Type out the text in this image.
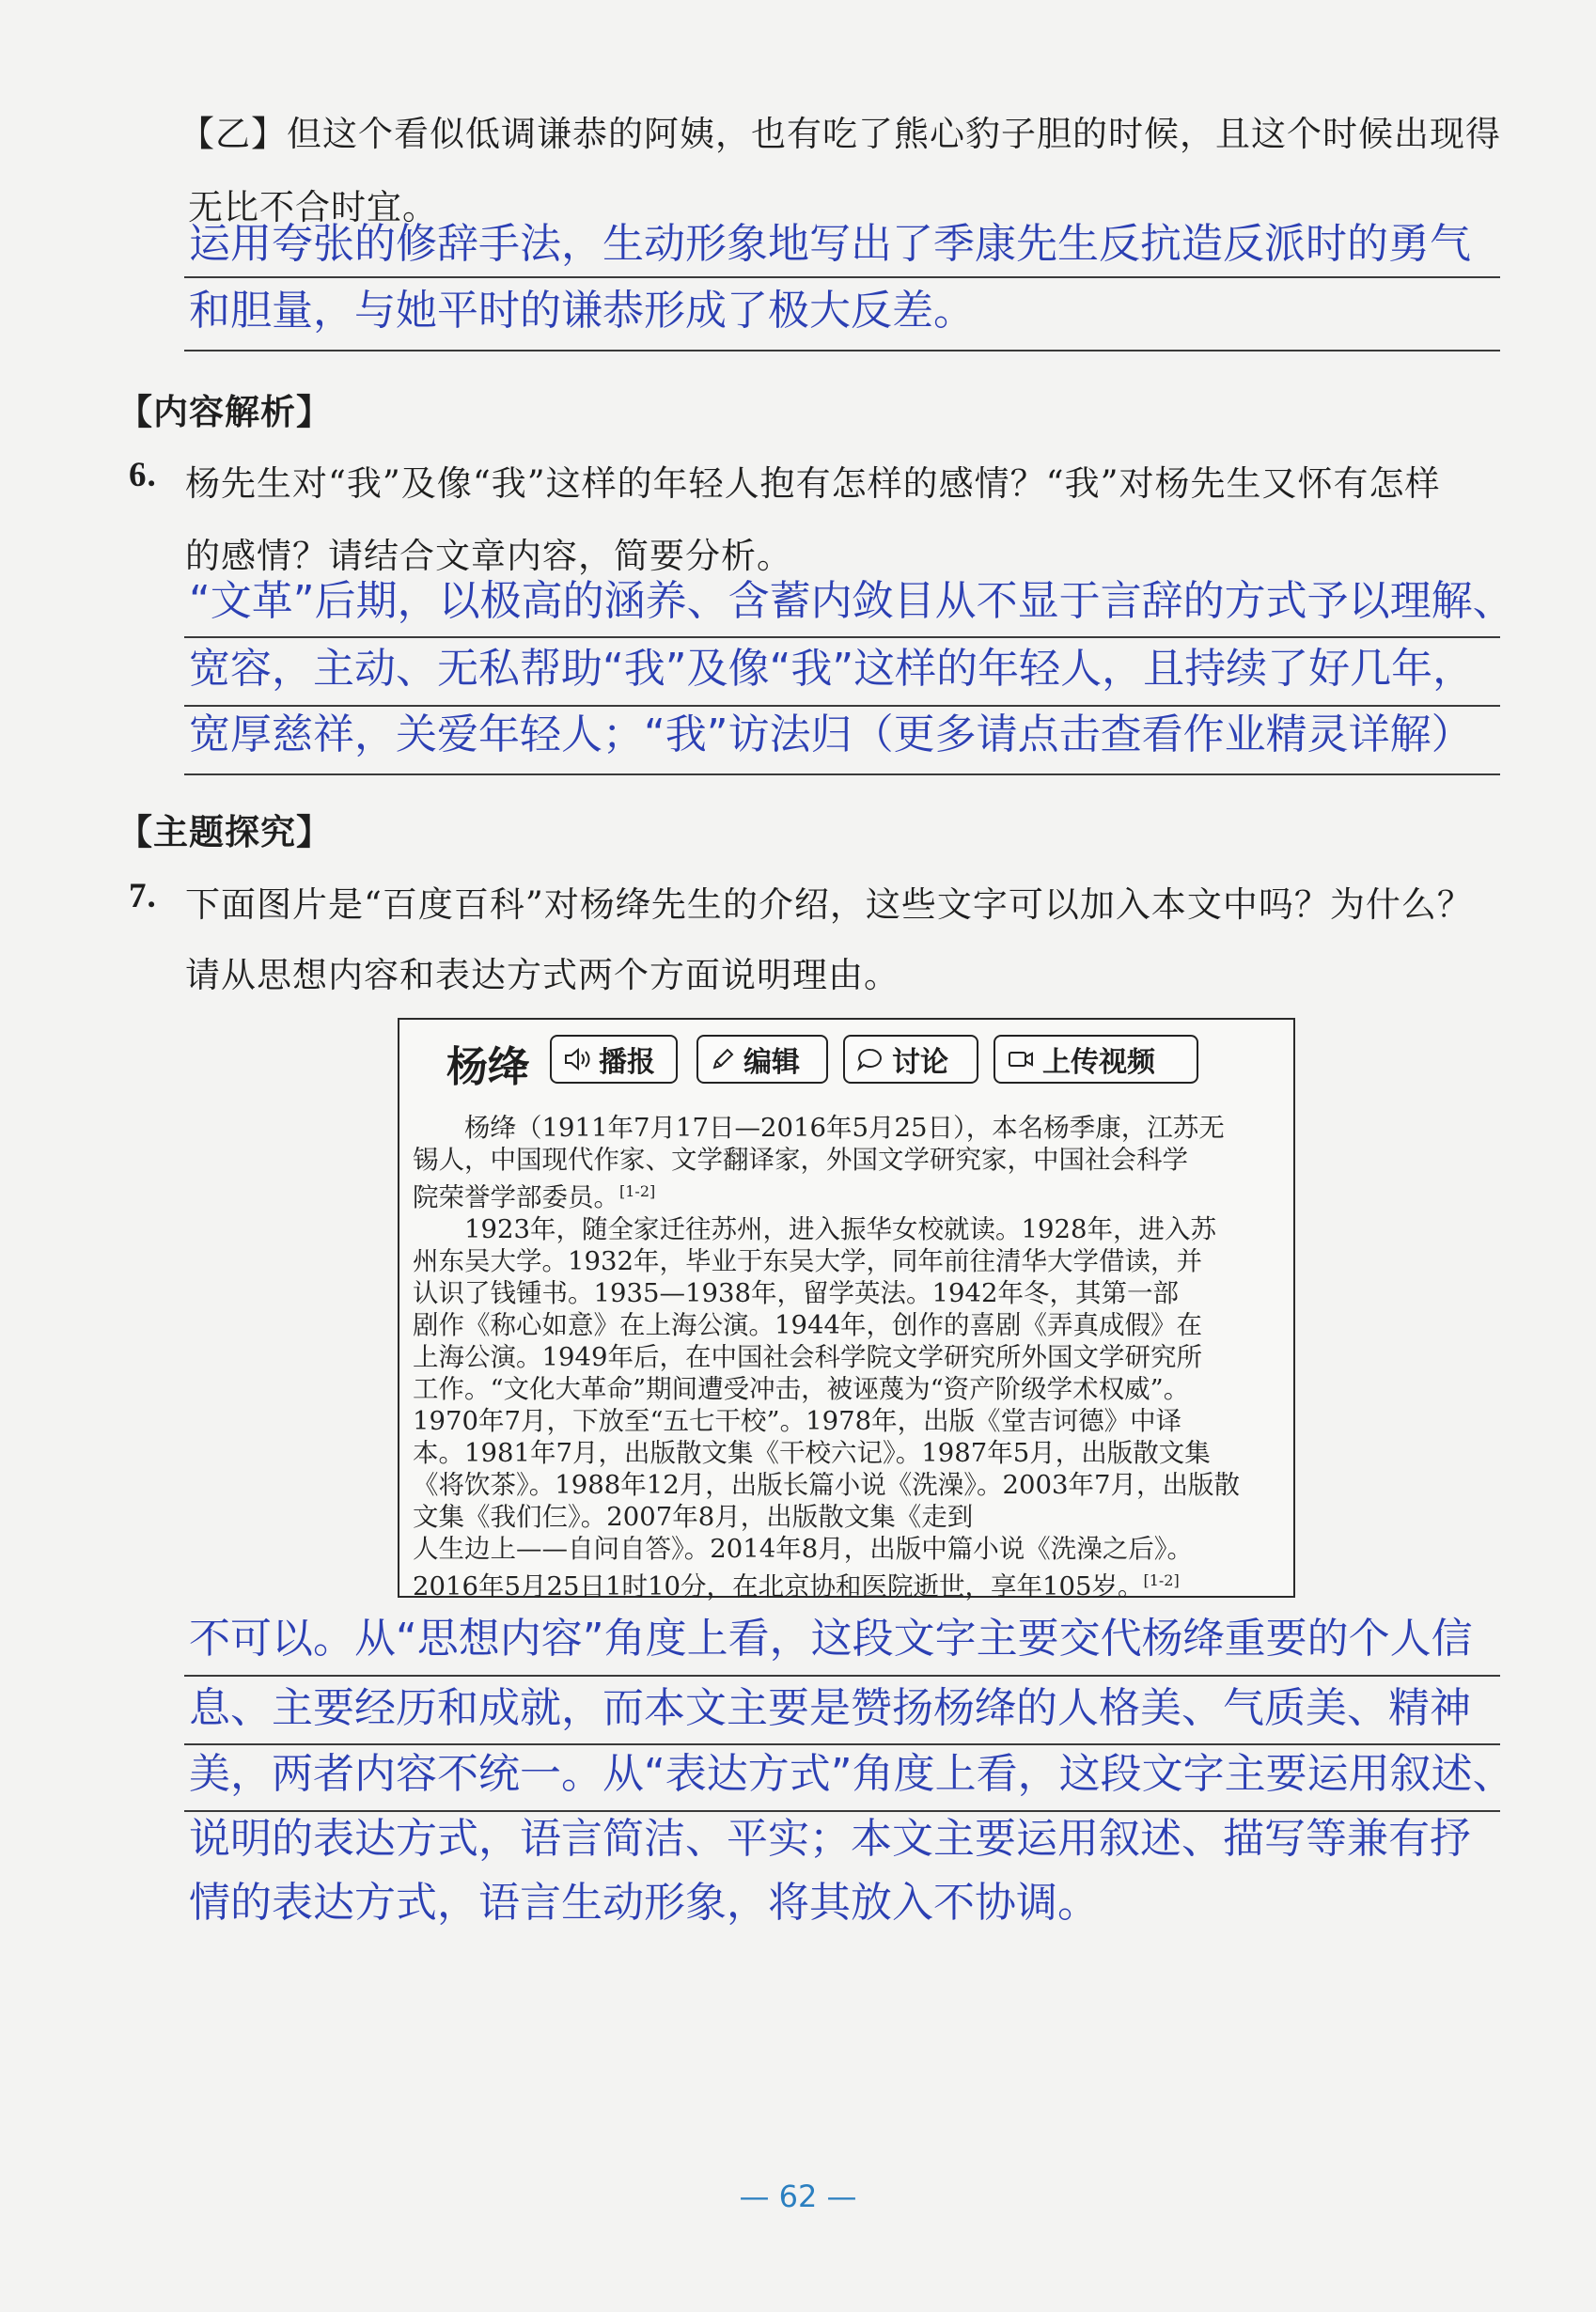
【乙】但这个看似低调谦恭的阿姨，也有吃了熊心豹子胆的时候，且这个时候出现得
无比不合时宜。
运用夸张的修辞手法，生动形象地写出了季康先生反抗造反派时的勇气
和胆量，与她平时的谦恭形成了极大反差。
【内容解析】
6. 杨先生对“我”及像“我”这样的年轻人抱有怎样的感情？“我”对杨先生又怀有怎样
的感情？请结合文章内容，简要分析。
“文革”后期，以极高的涵养、含蓄内敛目从不显于言辞的方式予以理解、
宽容，主动、无私帮助“我”及像“我”这样的年轻人，且持续了好几年，
宽厚慈祥，关爱年轻人；“我”访法归（更多请点击查看作业精灵详解）
【主题探究】
7. 下面图片是“百度百科”对杨绛先生的介绍，这些文字可以加入本文中吗？为什么？
请从思想内容和表达方式两个方面说明理由。
杨绛 播报	编辑	讨论	上传视频

　　杨绛（1911年7月17日—2016年5月25日），本名杨季康，江苏无

锡人，中国现代作家、文学翻译家，外国文学研究家，中国社会科学

院荣誉学部委员。[1-2]

　　1923年，随全家迁往苏州，进入振华女校就读。1928年，进入苏

州东吴大学。1932年，毕业于东吴大学，同年前往清华大学借读，并

认识了钱锺书。1935—1938年，留学英法。1942年冬，其第一部

剧作《称心如意》在上海公演。1944年，创作的喜剧《弄真成假》在

上海公演。1949年后，在中国社会科学院文学研究所外国文学研究所

工作。“文化大革命”期间遭受冲击，被诬蔑为“资产阶级学术权威”。

1970年7月，下放至“五七干校”。1978年，出版《堂吉诃德》中译

本。1981年7月，出版散文集《干校六记》。1987年5月，出版散文集

《将饮茶》。1988年12月，出版长篇小说《洗澡》。2003年7月，出版散

文集《我们仨》。2007年8月，出版散文集《走到

人生边上——自问自答》。2014年8月，出版中篇小说《洗澡之后》。

2016年5月25日1时10分，在北京协和医院逝世，享年105岁。[1-2]

不可以。从“思想内容”角度上看，这段文字主要交代杨绛重要的个人信
息、主要经历和成就，而本文主要是赞扬杨绛的人格美、气质美、精神
美，两者内容不统一。从“表达方式”角度上看，这段文字主要运用叙述、
说明的表达方式，语言简洁、平实；本文主要运用叙述、描写等兼有抒
情的表达方式，语言生动形象，将其放入不协调。
— 62 —
